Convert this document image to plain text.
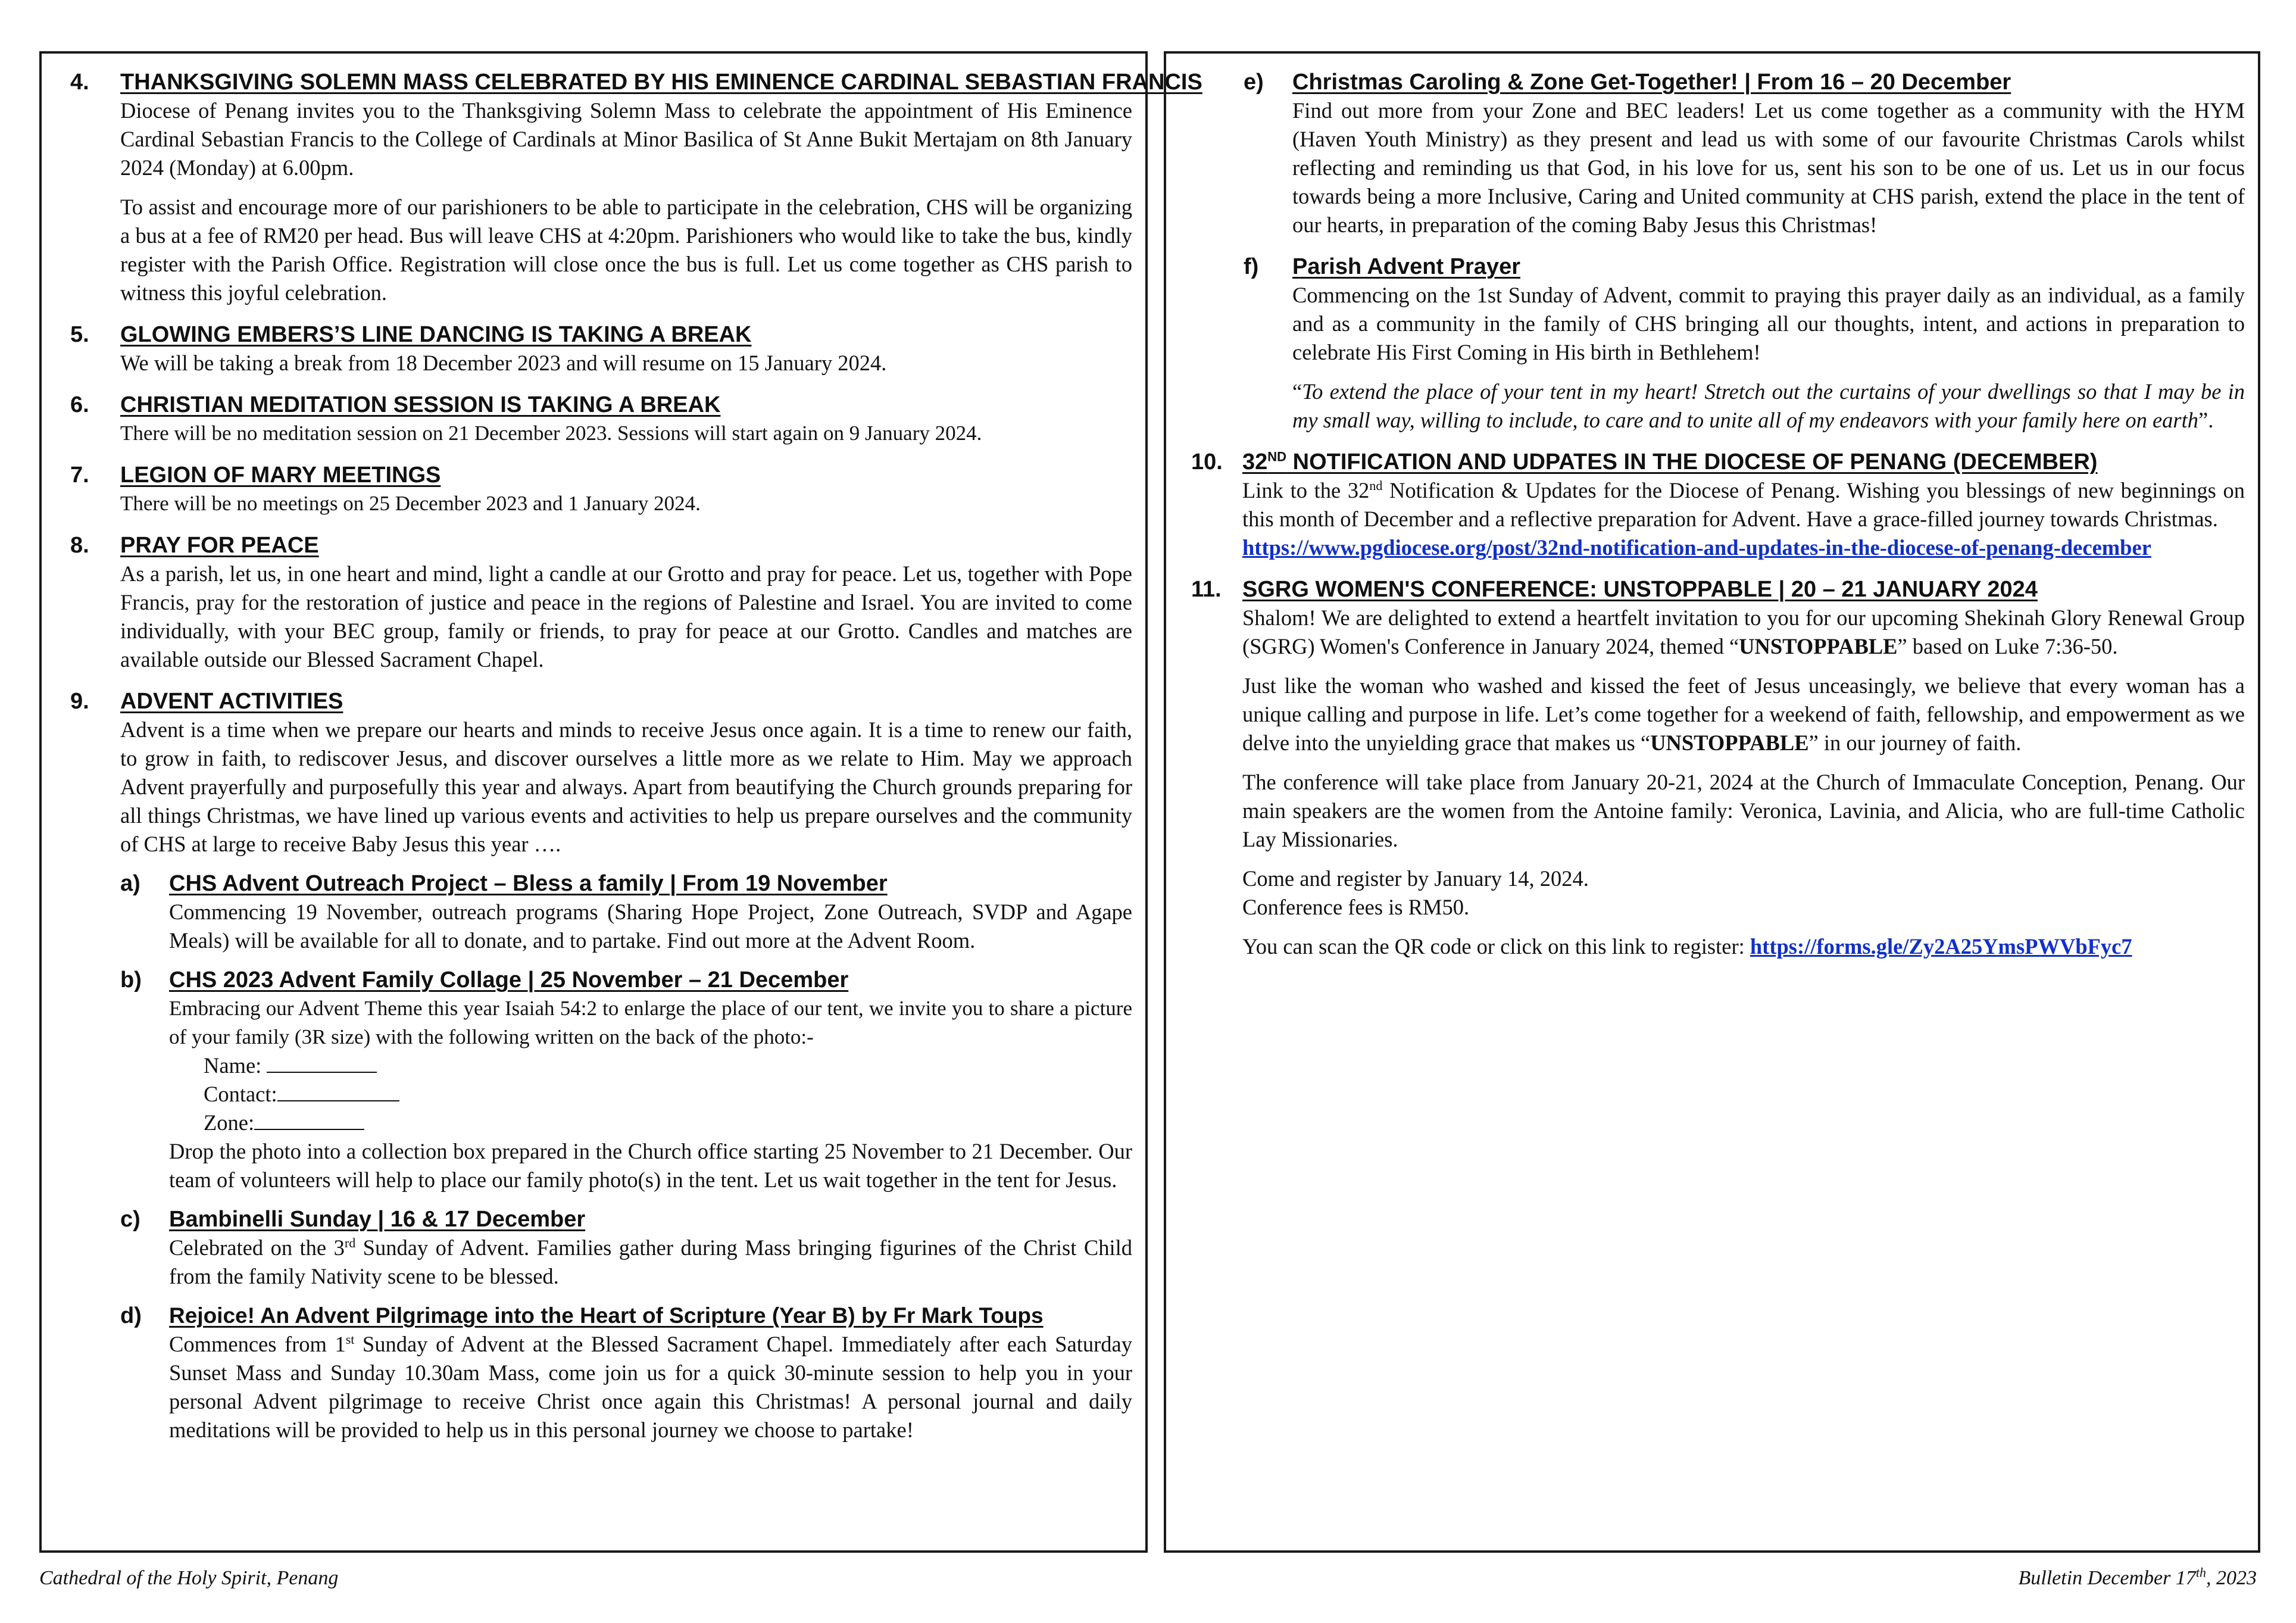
4. THANKSGIVING SOLEMN MASS CELEBRATED BY HIS EMINENCE CARDINAL SEBASTIAN FRANCIS

Diocese of Penang invites you to the Thanksgiving Solemn Mass to celebrate the appointment of His Eminence Cardinal Sebastian Francis to the College of Cardinals at Minor Basilica of St Anne Bukit Mertajam on 8th January 2024 (Monday) at 6.00pm.

To assist and encourage more of our parishioners to be able to participate in the celebration, CHS will be organizing a bus at a fee of RM20 per head. Bus will leave CHS at 4:20pm. Parishioners who would like to take the bus, kindly register with the Parish Office. Registration will close once the bus is full. Let us come together as CHS parish to witness this joyful celebration.

5. GLOWING EMBERS’S LINE DANCING IS TAKING A BREAK

We will be taking a break from 18 December 2023 and will resume on 15 January 2024.

6. CHRISTIAN MEDITATION SESSION IS TAKING A BREAK

There will be no meditation session on 21 December 2023. Sessions will start again on 9 January 2024.

7. LEGION OF MARY MEETINGS

There will be no meetings on 25 December 2023 and 1 January 2024.

8. PRAY FOR PEACE

As a parish, let us, in one heart and mind, light a candle at our Grotto and pray for peace. Let us, together with Pope Francis, pray for the restoration of justice and peace in the regions of Palestine and Israel. You are invited to come individually, with your BEC group, family or friends, to pray for peace at our Grotto. Candles and matches are available outside our Blessed Sacrament Chapel.

9. ADVENT ACTIVITIES

Advent is a time when we prepare our hearts and minds to receive Jesus once again. It is a time to renew our faith, to grow in faith, to rediscover Jesus, and discover ourselves a little more as we relate to Him. May we approach Advent prayerfully and purposefully this year and always. Apart from beautifying the Church grounds preparing for all things Christmas, we have lined up various events and activities to help us prepare ourselves and the community of CHS at large to receive Baby Jesus this year ….

a) CHS Advent Outreach Project – Bless a family | From 19 November

Commencing 19 November, outreach programs (Sharing Hope Project, Zone Outreach, SVDP and Agape Meals) will be available for all to donate, and to partake. Find out more at the Advent Room.

b) CHS 2023 Advent Family Collage | 25 November – 21 December

Embracing our Advent Theme this year Isaiah 54:2 to enlarge the place of our tent, we invite you to share a picture of your family (3R size) with the following written on the back of the photo:-

Name:
Contact:
Zone:

Drop the photo into a collection box prepared in the Church office starting 25 November to 21 December. Our team of volunteers will help to place our family photo(s) in the tent. Let us wait together in the tent for Jesus.

c) Bambinelli Sunday | 16 & 17 December

Celebrated on the 3rd Sunday of Advent. Families gather during Mass bringing figurines of the Christ Child from the family Nativity scene to be blessed.

d) Rejoice! An Advent Pilgrimage into the Heart of Scripture (Year B) by Fr Mark Toups

Commences from 1st Sunday of Advent at the Blessed Sacrament Chapel. Immediately after each Saturday Sunset Mass and Sunday 10.30am Mass, come join us for a quick 30-minute session to help you in your personal Advent pilgrimage to receive Christ once again this Christmas! A personal journal and daily meditations will be provided to help us in this personal journey we choose to partake!

e) Christmas Caroling & Zone Get-Together! | From 16 – 20 December

Find out more from your Zone and BEC leaders! Let us come together as a community with the HYM (Haven Youth Ministry) as they present and lead us with some of our favourite Christmas Carols whilst reflecting and reminding us that God, in his love for us, sent his son to be one of us. Let us in our focus towards being a more Inclusive, Caring and United community at CHS parish, extend the place in the tent of our hearts, in preparation of the coming Baby Jesus this Christmas!

f) Parish Advent Prayer

Commencing on the 1st Sunday of Advent, commit to praying this prayer daily as an individual, as a family and as a community in the family of CHS bringing all our thoughts, intent, and actions in preparation to celebrate His First Coming in His birth in Bethlehem!

“To extend the place of your tent in my heart! Stretch out the curtains of your dwellings so that I may be in my small way, willing to include, to care and to unite all of my endeavors with your family here on earth”.

10. 32ND NOTIFICATION AND UDPATES IN THE DIOCESE OF PENANG (DECEMBER)

Link to the 32nd Notification & Updates for the Diocese of Penang. Wishing you blessings of new beginnings on this month of December and a reflective preparation for Advent. Have a grace-filled journey towards Christmas.

https://www.pgdiocese.org/post/32nd-notification-and-updates-in-the-diocese-of-penang-december

11. SGRG WOMEN'S CONFERENCE: UNSTOPPABLE | 20 – 21 JANUARY 2024

Shalom! We are delighted to extend a heartfelt invitation to you for our upcoming Shekinah Glory Renewal Group (SGRG) Women's Conference in January 2024, themed “UNSTOPPABLE” based on Luke 7:36-50.

Just like the woman who washed and kissed the feet of Jesus unceasingly, we believe that every woman has a unique calling and purpose in life. Let’s come together for a weekend of faith, fellowship, and empowerment as we delve into the unyielding grace that makes us “UNSTOPPABLE” in our journey of faith.

The conference will take place from January 20-21, 2024 at the Church of Immaculate Conception, Penang. Our main speakers are the women from the Antoine family: Veronica, Lavinia, and Alicia, who are full-time Catholic Lay Missionaries.

Come and register by January 14, 2024.
Conference fees is RM50.

You can scan the QR code or click on this link to register: https://forms.gle/Zy2A25YmsPWVbFyc7

Cathedral of the Holy Spirit, Penang	Bulletin December 17th, 2023
